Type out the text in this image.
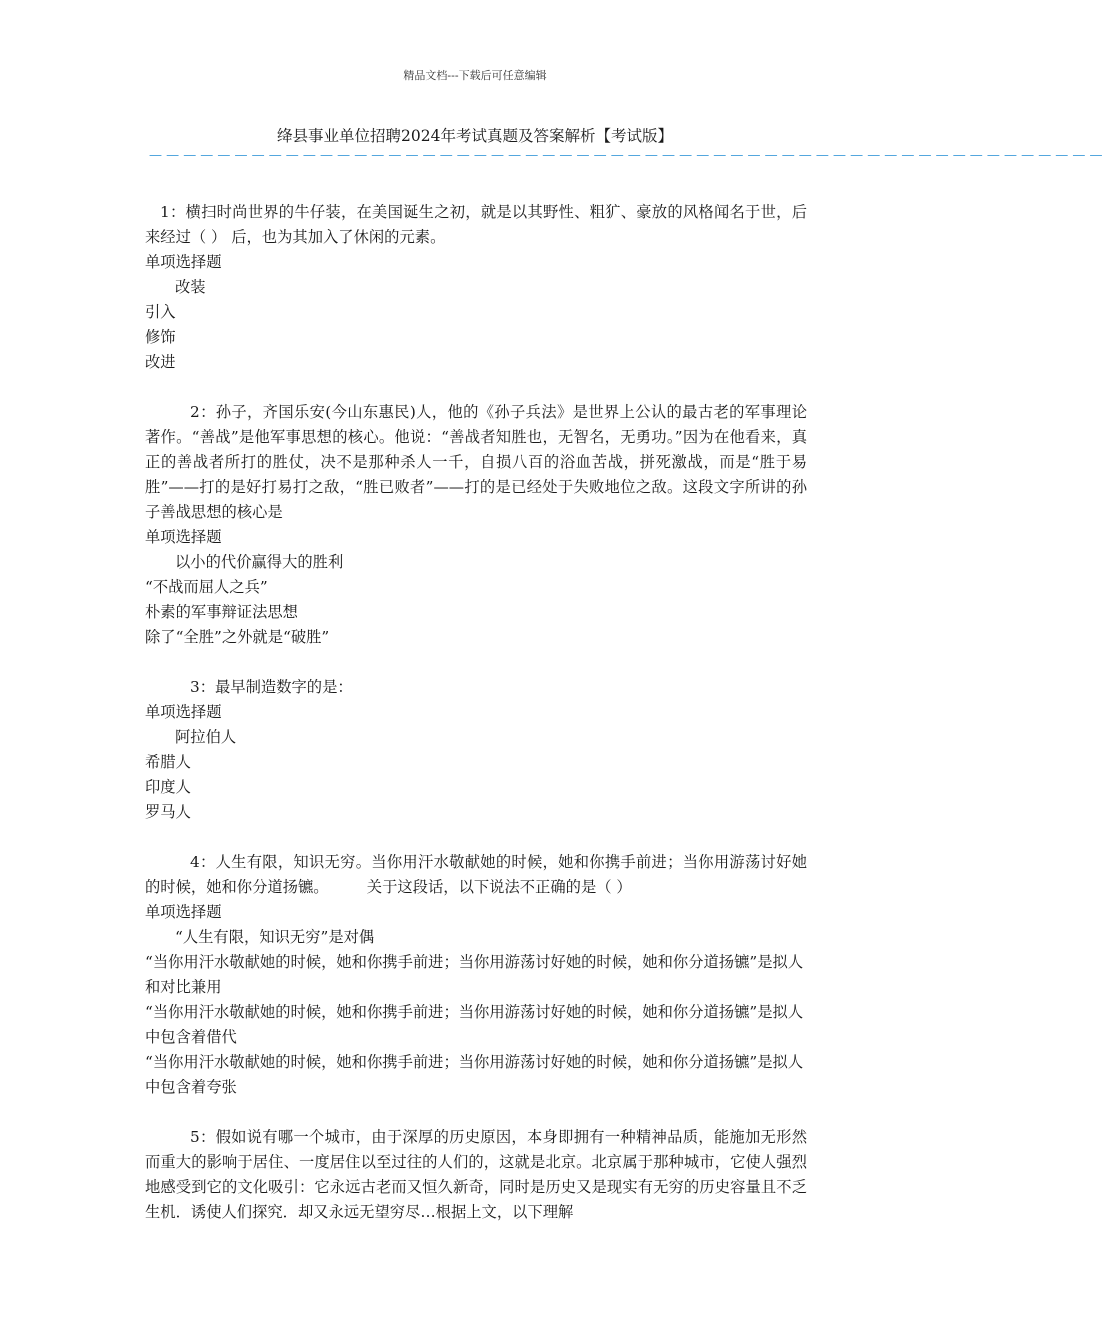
精品文档---下载后可任意编辑
绛县事业单位招聘2024年考试真题及答案解析【考试版】
————————————————————————————————————————————————————————

1：横扫时尚世界的牛仔装，在美国诞生之初，就是以其野性、粗犷、豪放的风格闻名于世，后来经过（ ） 后，也为其加入了休闲的元素。

单项选择题

改装

引入

修饰

改进

2：孙子，齐国乐安(今山东惠民)人，他的《孙子兵法》是世界上公认的最古老的军事理论著作。“善战”是他军事思想的核心。他说：“善战者知胜也，无智名，无勇功。”因为在他看来，真正的善战者所打的胜仗，决不是那种杀人一千，自损八百的浴血苦战，拼死激战，而是“胜于易胜”——打的是好打易打之敌，“胜已败者”——打的是已经处于失败地位之敌。这段文字所讲的孙子善战思想的核心是

单项选择题

以小的代价赢得大的胜利

“不战而屈人之兵”

朴素的军事辩证法思想

除了“全胜”之外就是“破胜”

3：最早制造数字的是：

单项选择题

阿拉伯人

希腊人

印度人

罗马人

4：人生有限，知识无穷。当你用汗水敬献她的时候，她和你携手前进；当你用游荡讨好她的时候，她和你分道扬镳。　　　关于这段话，以下说法不正确的是（ ）

单项选择题

“人生有限，知识无穷”是对偶

“当你用汗水敬献她的时候，她和你携手前进；当你用游荡讨好她的时候，她和你分道扬镳”是拟人和对比兼用

“当你用汗水敬献她的时候，她和你携手前进；当你用游荡讨好她的时候，她和你分道扬镳”是拟人中包含着借代

“当你用汗水敬献她的时候，她和你携手前进；当你用游荡讨好她的时候，她和你分道扬镳”是拟人中包含着夸张

5：假如说有哪一个城市，由于深厚的历史原因，本身即拥有一种精神品质，能施加无形然而重大的影响于居住、一度居住以至过往的人们的，这就是北京。北京属于那种城市，它使人强烈地感受到它的文化吸引：它永远古老而又恒久新奇，同时是历史又是现实有无穷的历史容量且不乏生机．诱使人们探究．却又永远无望穷尽…根据上文，以下理解
